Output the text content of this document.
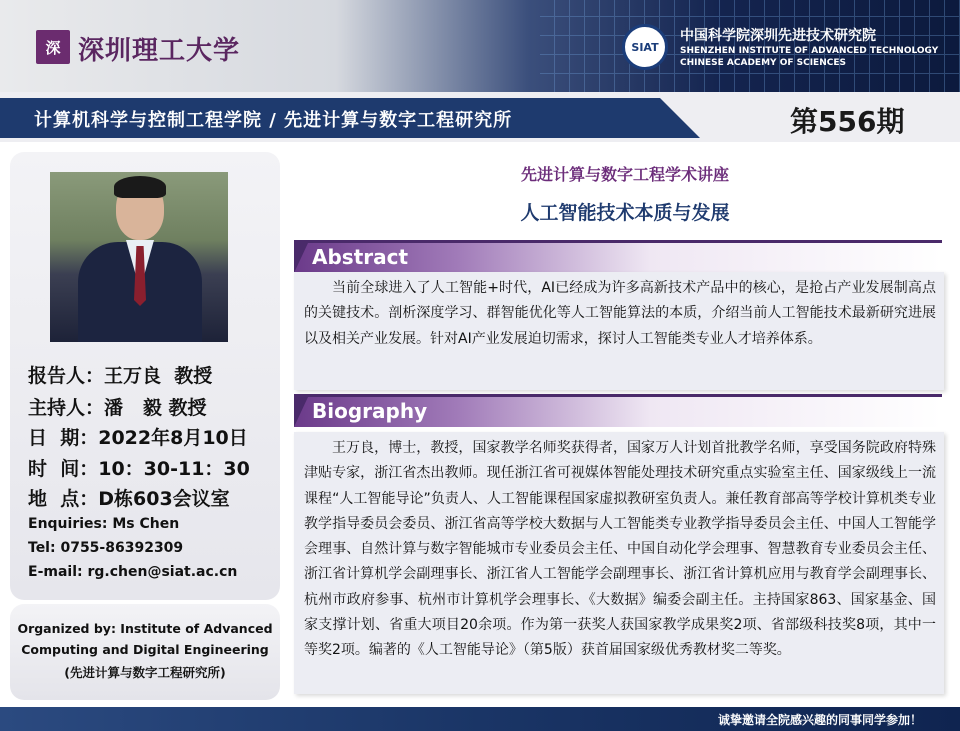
深 深圳理工大学	SIAT
中国科学院深圳先进技术研究院
SHENZHEN INSTITUTE OF ADVANCED TECHNOLOGY
CHINESE ACADEMY OF SCIENCES
计算机科学与控制工程学院 / 先进计算与数字工程研究所	第556期
报告人：王万良  教授
主持人：潘   毅 教授
日  期：2022年8月10日
时  间：10：30-11：30
地  点：D栋603会议室
Enquiries: Ms Chen
Tel: 0755-86392309
E-mail: rg.chen@siat.ac.cn
Organized by: Institute of Advanced
Computing and Digital Engineering
(先进计算与数字工程研究所)
先进计算与数字工程学术讲座
人工智能技术本质与发展
Abstract
当前全球进入了人工智能+时代，AI已经成为许多高新技术产品中的核心，是抢占产业发展制高点的关键技术。剖析深度学习、群智能优化等人工智能算法的本质，介绍当前人工智能技术最新研究进展以及相关产业发展。针对AI产业发展迫切需求，探讨人工智能类专业人才培养体系。
Biography
王万良，博士，教授，国家教学名师奖获得者，国家万人计划首批教学名师，享受国务院政府特殊津贴专家，浙江省杰出教师。现任浙江省可视媒体智能处理技术研究重点实验室主任、国家级线上一流课程“人工智能导论”负责人、人工智能课程国家虚拟教研室负责人。兼任教育部高等学校计算机类专业教学指导委员会委员、浙江省高等学校大数据与人工智能类专业教学指导委员会主任、中国人工智能学会理事、自然计算与数字智能城市专业委员会主任、中国自动化学会理事、智慧教育专业委员会主任、浙江省计算机学会副理事长、浙江省人工智能学会副理事长、浙江省计算机应用与教育学会副理事长、杭州市政府参事、杭州市计算机学会理事长、《大数据》编委会副主任。主持国家863、国家基金、国家支撑计划、省重大项目20余项。作为第一获奖人获国家教学成果奖2项、省部级科技奖8项，其中一等奖2项。编著的《人工智能导论》（第5版）获首届国家级优秀教材奖二等奖。
诚挚邀请全院感兴趣的同事同学参加！
